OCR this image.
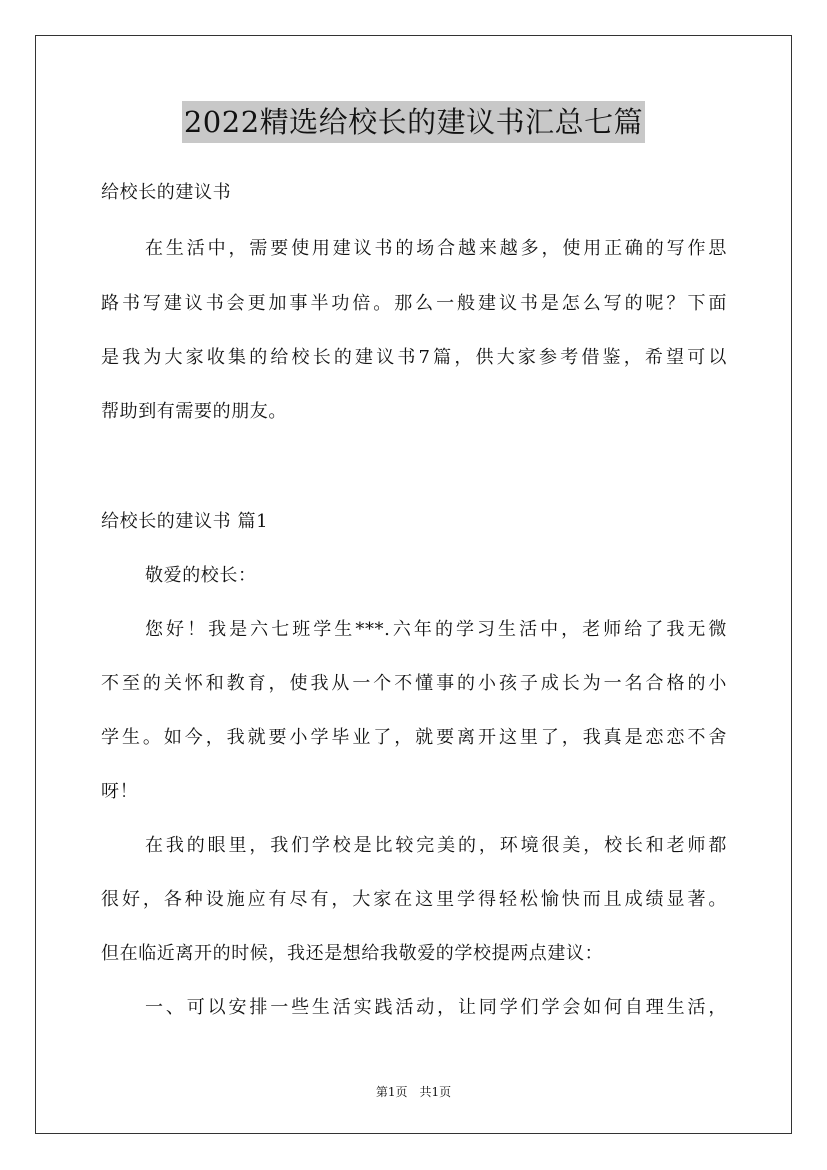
2022精选给校长的建议书汇总七篇
给校长的建议书
在生活中，需要使用建议书的场合越来越多，使用正确的写作思
路书写建议书会更加事半功倍。那么一般建议书是怎么写的呢？下面
是我为大家收集的给校长的建议书7篇，供大家参考借鉴，希望可以
帮助到有需要的朋友。
给校长的建议书 篇1
敬爱的校长：
您好！我是六七班学生***.六年的学习生活中，老师给了我无微
不至的关怀和教育，使我从一个不懂事的小孩子成长为一名合格的小
学生。如今，我就要小学毕业了，就要离开这里了，我真是恋恋不舍
呀！
在我的眼里，我们学校是比较完美的，环境很美，校长和老师都
很好，各种设施应有尽有，大家在这里学得轻松愉快而且成绩显著。
但在临近离开的时候，我还是想给我敬爱的学校提两点建议：
一、可以安排一些生活实践活动，让同学们学会如何自理生活，
第1页 共1页
